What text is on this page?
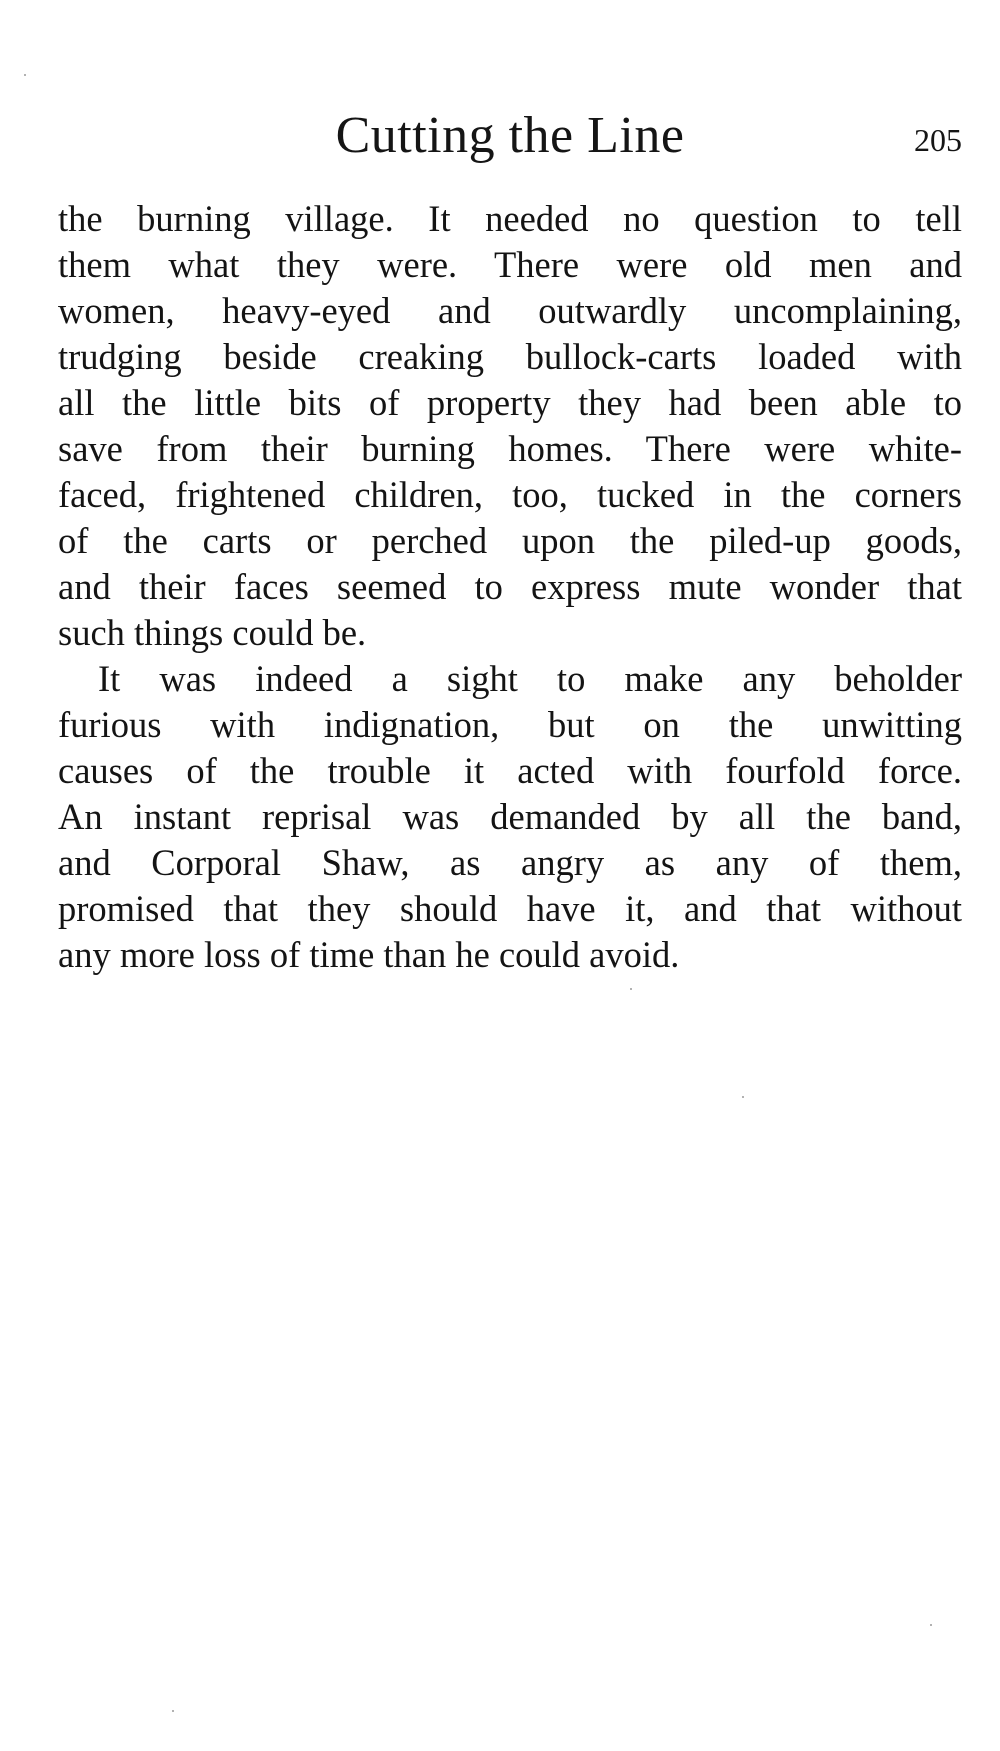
Cutting the Line	205
the burning village. It needed no question to tell
them what they were. There were old men and
women, heavy-eyed and outwardly uncomplaining,
trudging beside creaking bullock-carts loaded with
all the little bits of property they had been able to
save from their burning homes. There were white-
faced, frightened children, too, tucked in the corners
of the carts or perched upon the piled-up goods,
and their faces seemed to express mute wonder that
such things could be.
It was indeed a sight to make any beholder
furious with indignation, but on the unwitting
causes of the trouble it acted with fourfold force.
An instant reprisal was demanded by all the band,
and Corporal Shaw, as angry as any of them,
promised that they should have it, and that without
any more loss of time than he could avoid.
